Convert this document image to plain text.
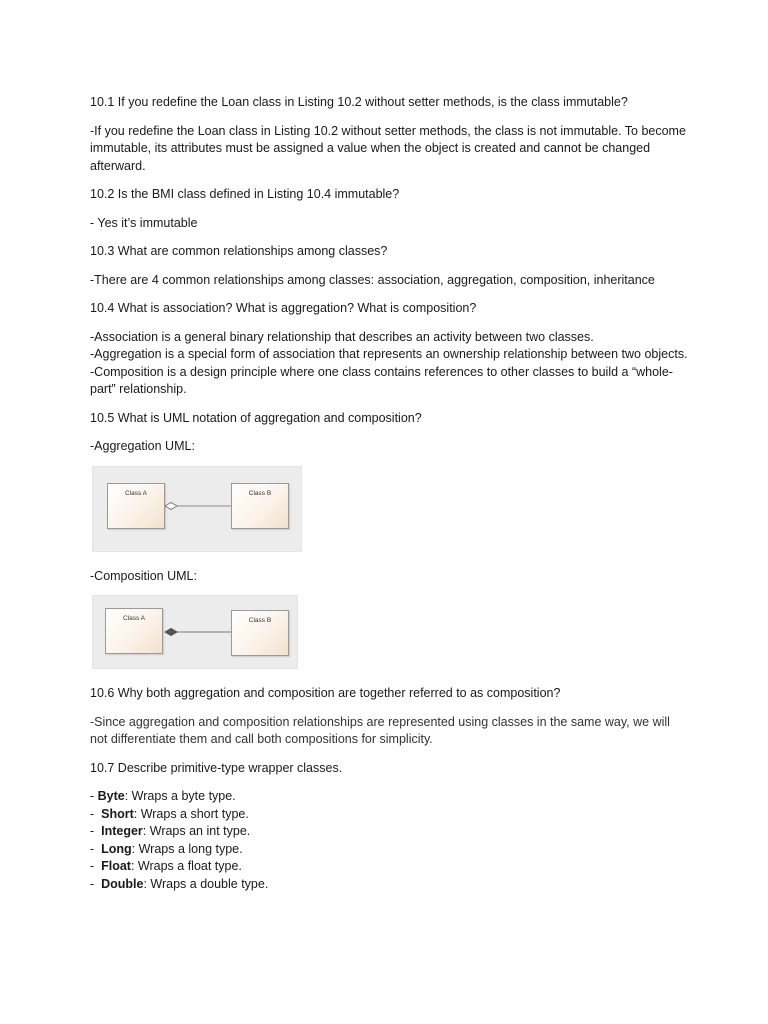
10.1 If you redefine the Loan class in Listing 10.2 without setter methods, is the class immutable?

-If you redefine the Loan class in Listing 10.2 without setter methods, the class is not immutable. To become immutable, its attributes must be assigned a value when the object is created and cannot be changed afterward.

10.2 Is the BMI class defined in Listing 10.4 immutable?

- Yes it’s immutable

10.3 What are common relationships among classes?

-There are 4 common relationships among classes: association, aggregation, composition, inheritance

10.4 What is association? What is aggregation? What is composition?

-Association is a general binary relationship that describes an activity between two classes.

-Aggregation is a special form of association that represents an ownership relationship between two objects.

-Composition is a design principle where one class contains references to other classes to build a “whole-part” relationship.

10.5 What is UML notation of aggregation and composition?

-Aggregation UML:

Class A	Class B

-Composition UML:

Class A	Class B

10.6 Why both aggregation and composition are together referred to as composition?

-Since aggregation and composition relationships are represented using classes in the same way, we will not differentiate them and call both compositions for simplicity.

10.7 Describe primitive-type wrapper classes.

- Byte: Wraps a byte type.

-  Short: Wraps a short type.

-  Integer: Wraps an int type.

-  Long: Wraps a long type.

-  Float: Wraps a float type.

-  Double: Wraps a double type.
